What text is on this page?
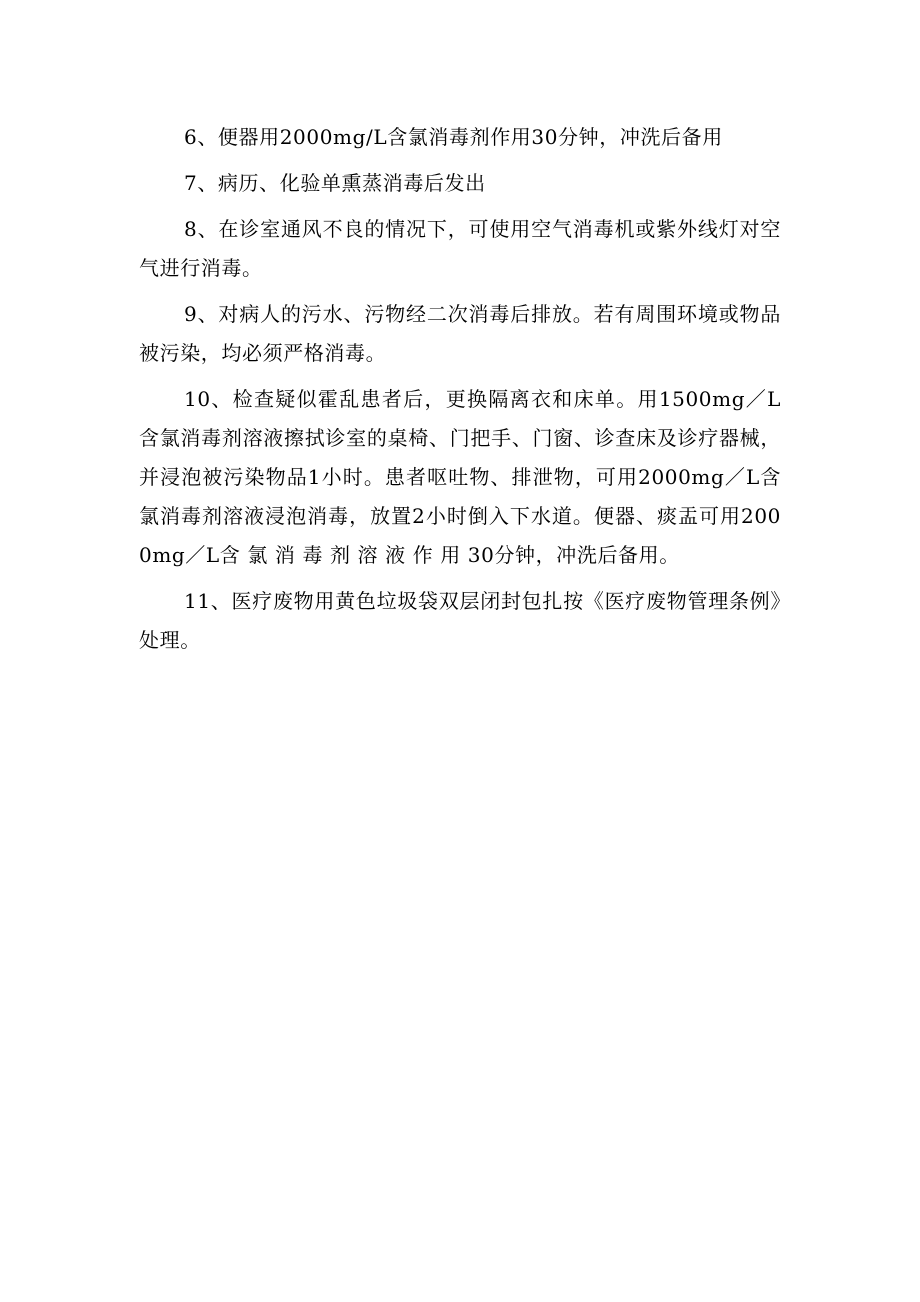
6、便器用2000mg/L含氯消毒剂作用30分钟，冲洗后备用

7、病历、化验单熏蒸消毒后发出

8、在诊室通风不良的情况下，可使用空气消毒机或紫外线灯对空气进行消毒。

9、对病人的污水、污物经二次消毒后排放。若有周围环境或物品被污染，均必须严格消毒。

10、检查疑似霍乱患者后，更换隔离衣和床单。用1500mg／L含氯消毒剂溶液擦拭诊室的桌椅、门把手、门窗、诊查床及诊疗器械，并浸泡被污染物品1小时。患者呕吐物、排泄物，可用2000mg／L含氯消毒剂溶液浸泡消毒，放置2小时倒入下水道。便器、痰盂可用2000mg／L含 氯 消 毒 剂 溶 液 作 用 30分钟，冲洗后备用。

11、医疗废物用黄色垃圾袋双层闭封包扎按《医疗废物管理条例》处理。
